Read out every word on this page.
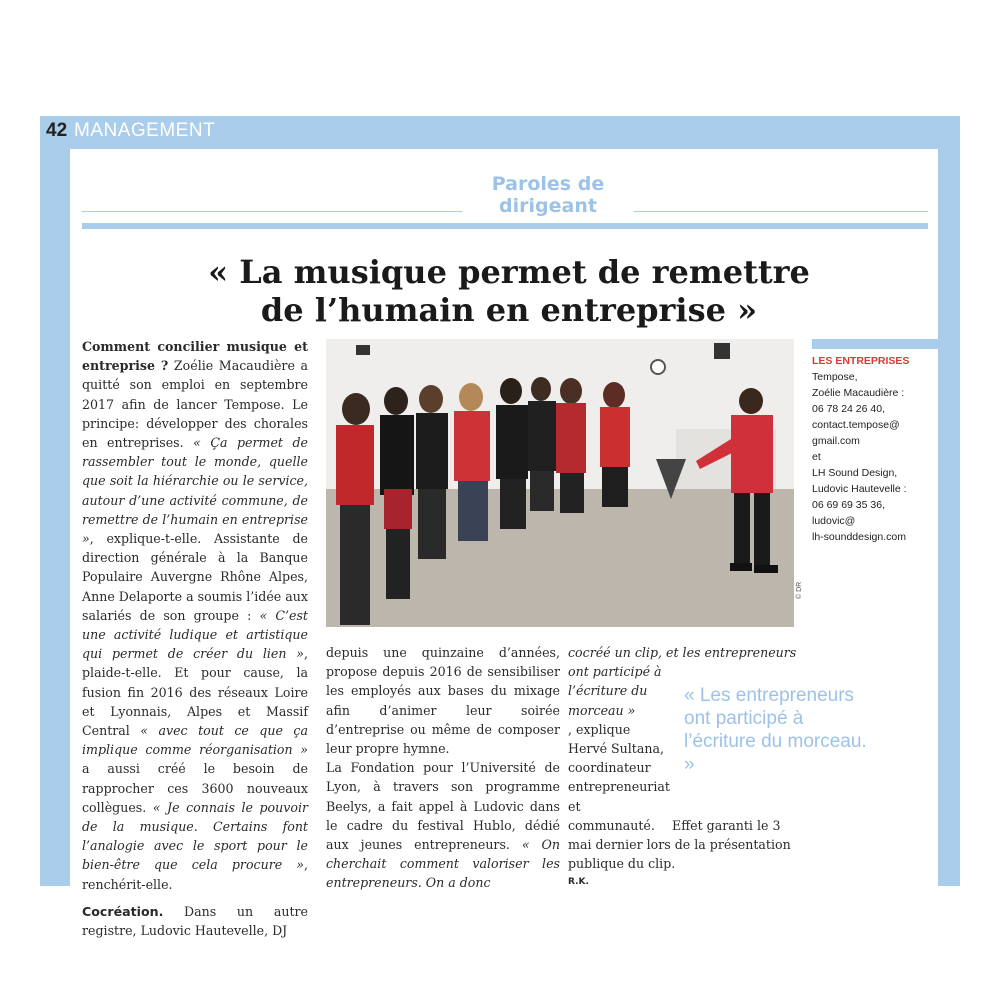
42 MANAGEMENT
Paroles de
dirigeant
« La musique permet de remettre
de l’humain en entreprise »
Comment concilier musique et entreprise ? Zoélie Macaudière a quitté son emploi en septembre 2017 afin de lancer Tempose. Le principe: développer des chorales en entreprises. « Ça permet de rassembler tout le monde, quelle que soit la hiérarchie ou le service, autour d’une activité commune, de remettre de l’humain en entreprise », explique-t-elle. Assistante de direction générale à la Banque Populaire Auvergne Rhône Alpes, Anne Delaporte a soumis l’idée aux salariés de son groupe : « C’est une activité ludique et artistique qui permet de créer du lien », plaide-t-elle. Et pour cause, la fusion fin 2016 des réseaux Loire et Lyonnais, Alpes et Massif Central « avec tout ce que ça implique comme réorganisation » a aussi créé le besoin de rapprocher ces 3600 nouveaux collègues. « Je connais le pouvoir de la musique. Certains font l’analogie avec le sport pour le bien-être que cela procure », renchérit-elle.
Cocréation. Dans un autre registre, Ludovic Hautevelle, DJ
© DR
depuis une quinzaine d’années, propose depuis 2016 de sensibiliser les employés aux bases du mixage afin d’animer leur soirée d’entreprise ou même de composer leur propre hymne.
La Fondation pour l’Université de Lyon, à travers son programme Beelys, a fait appel à Ludovic dans le cadre du festival Hublo, dédié aux jeunes entrepreneurs. « On cherchait comment valoriser les entrepreneurs. On a donc
cocréé un clip, et les entrepreneurs
ont participé à l’écriture du morceau »
, explique Hervé Sultana, coordinateur entrepreneuriat et communauté. Effet garanti le 3 mai dernier lors de la présentation publique du clip.
R.K.
« Les entrepreneurs ont participé à l’écriture du morceau. »
LES ENTREPRISES
Tempose,
Zoélie Macaudière :
06 78 24 26 40,
contact.tempose@
gmail.com
et
LH Sound Design,
Ludovic Hautevelle :
06 69 69 35 36,
ludovic@
lh-sounddesign.com
